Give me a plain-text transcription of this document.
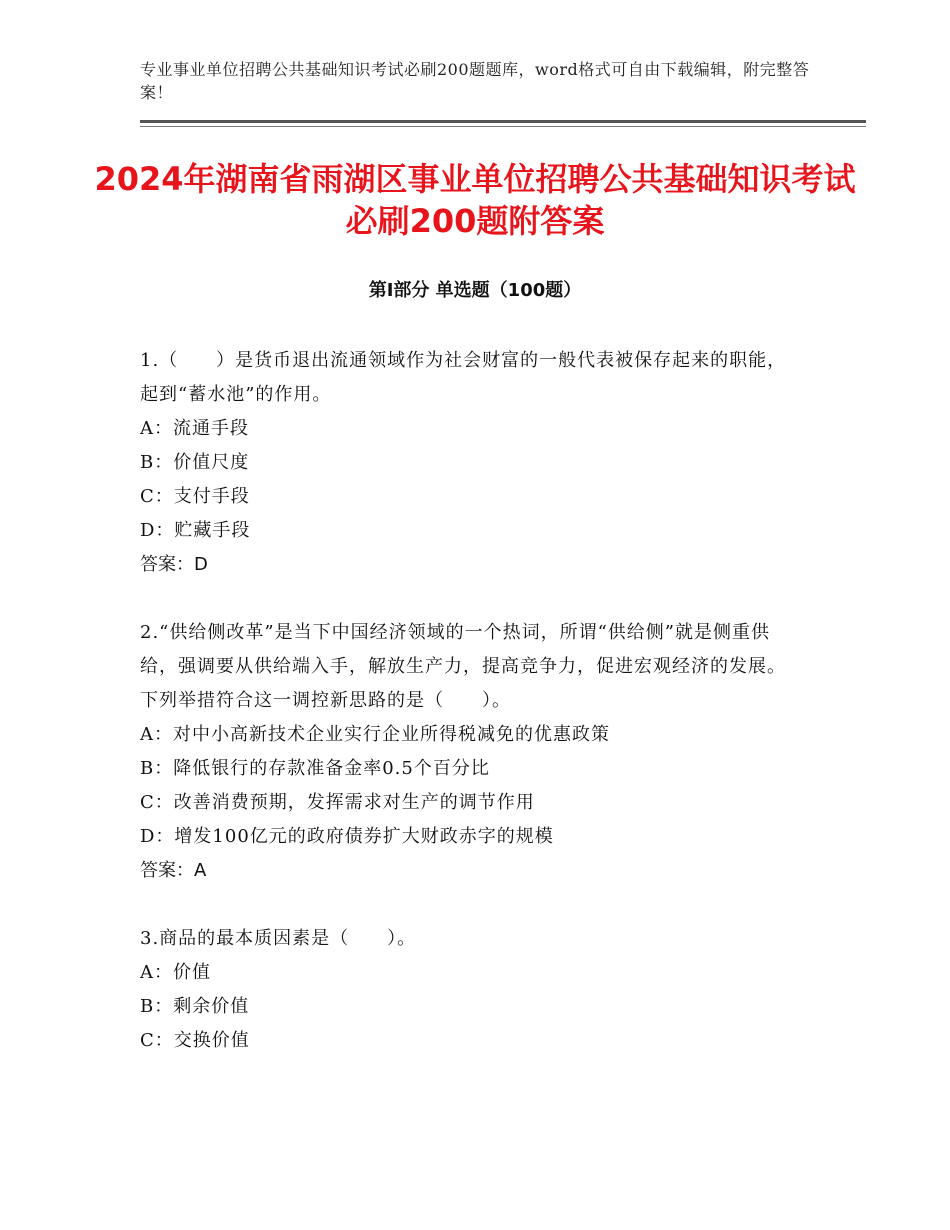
专业事业单位招聘公共基础知识考试必刷200题题库，word格式可自由下载编辑，附完整答案！
2024年湖南省雨湖区事业单位招聘公共基础知识考试必刷200题附答案
第Ⅰ部分 单选题（100题）
1.（　　）是货币退出流通领域作为社会财富的一般代表被保存起来的职能，起到“蓄水池”的作用。
A：流通手段
B：价值尺度
C：支付手段
D：贮藏手段
答案：D
2.“供给侧改革”是当下中国经济领域的一个热词，所谓“供给侧”就是侧重供给，强调要从供给端入手，解放生产力，提高竞争力，促进宏观经济的发展。下列举措符合这一调控新思路的是（　　）。
A：对中小高新技术企业实行企业所得税减免的优惠政策
B：降低银行的存款准备金率0.5个百分比
C：改善消费预期，发挥需求对生产的调节作用
D：增发100亿元的政府债券扩大财政赤字的规模
答案：A
3.商品的最本质因素是（　　）。
A：价值
B：剩余价值
C：交换价值
